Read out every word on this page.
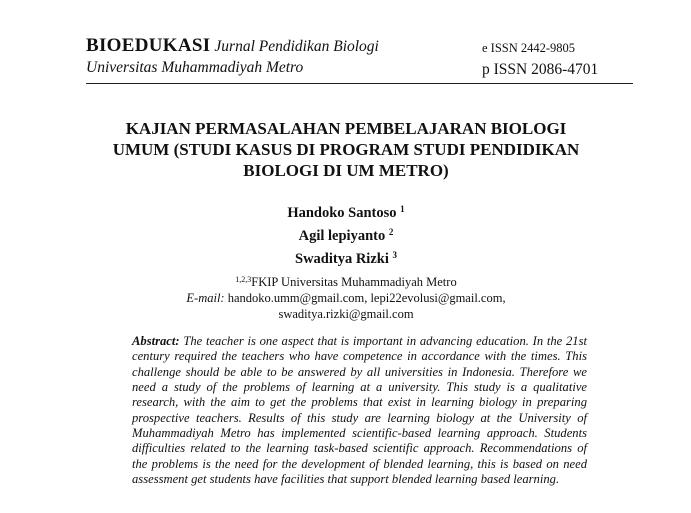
BIOEDUKASI Jurnal Pendidikan Biologi
Universitas Muhammadiyah Metro
e ISSN 2442-9805
p ISSN 2086-4701
KAJIAN PERMASALAHAN PEMBELAJARAN BIOLOGI
UMUM (STUDI KASUS DI PROGRAM STUDI PENDIDIKAN
BIOLOGI DI UM METRO)
Handoko Santoso $^1$
Agil lepiyanto $^2$
Swaditya Rizki $^3$
$^{1,2,3}$FKIP Universitas Muhammadiyah Metro
E-mail: handoko.umm@gmail.com, lepi22evolusi@gmail.com,
swaditya.rizki@gmail.com
Abstract: The teacher is one aspect that is important in advancing education. In the 21st century required the teachers who have competence in accordance with the times. This challenge should be able to be answered by all universities in Indonesia. Therefore we need a study of the problems of learning at a university. This study is a qualitative research, with the aim to get the problems that exist in learning biology in preparing prospective teachers. Results of this study are learning biology at the University of Muhammadiyah Metro has implemented scientific-based learning approach. Students difficulties related to the learning task-based scientific approach. Recommendations of the problems is the need for the development of blended learning, this is based on need assessment get students have facilities that support blended learning based learning.
